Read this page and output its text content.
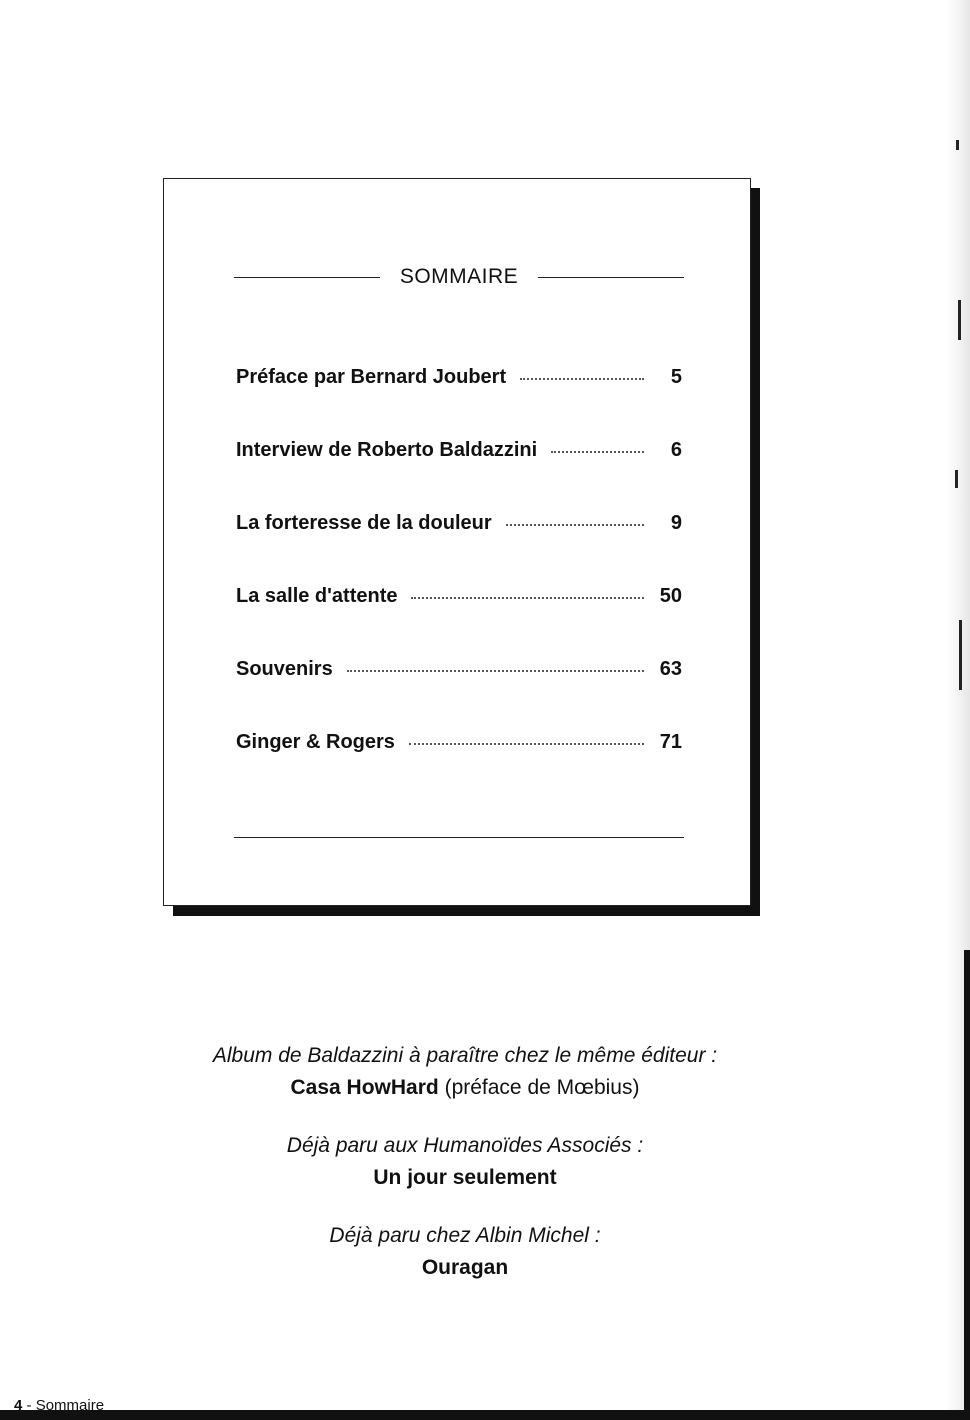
SOMMAIRE
Préface par Bernard Joubert	5
Interview de Roberto Baldazzini	6
La forteresse de la douleur	9
La salle d'attente	50
Souvenirs	63
Ginger & Rogers	71

Album de Baldazzini à paraître chez le même éditeur :

Casa HowHard (préface de Mœbius)

Déjà paru aux Humanoïdes Associés :

Un jour seulement

Déjà paru chez Albin Michel :

Ouragan

4 - Sommaire
